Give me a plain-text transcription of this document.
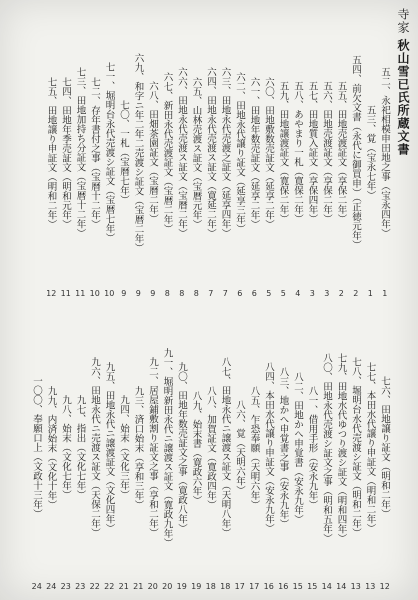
寺家 秋山雪已氏所蔵文書
五二、永祀相模申田地之事（宝永四年）
五三、覚（宝永七年）
五四、前欠文書（永代に御買申）（正徳元年）
五五、田地売渡証文（享保二年）
五六、田地売渡証文（享保二年）
五七、田地質入証文（享保四年）
五八、あやまり一札（寛保二年）
五九、田地譲渡証文（寛保二年）
六〇、田地敷数売証文（延享二年）
六一、田地年数売証文（延享二年）
六二、田地永代譲り証文（延享三年）
六三、田地永代売渡之証文（延享四年）
六四、田地永代売渡ス証文（寛延二年）
六五、山林売渡ス証文（宝暦元年）
六六、田地永代売渡ス証文（宝暦二年）
六七、新田永代売渡証文（宝暦二年）
六八、田畑茶園証文（宝暦二年）
六九、和字ニ年二年二売渡シ証文（宝暦二年）
七〇、一札（宝暦七年）
七一、堀明台永代売渡シ証文（宝暦七年）
七二、存年書付之事（宝暦十二年）
七三、田地加持ち分証文（宝暦十二年）
七四、田地年季売証文（明和元年）
七五、田地譲り申証文（明和二年）
1
1
2
2
3
3
4
5
5
6
6
7
7
8
8
8
9
9
9
10
10
11
11
12
七六、田地譲り証文（明和二年）
七七、本田水代譲り申証文（明和二年）
七八、堀明台水代売渡シ証文（明和二年）
七九、田地水代ゆつり渡シ証文（明和四年）
八〇、田地永代売渡シ証文之事（明和五年）
八一、借用手形（安永九年）
八二、田地かへ申覚書（安永九年）
八三、地かへ申覚書之事（安永九年）
八四、本田水代譲り申証文（安永九年）
八五、乍恐奉願（天明六年）
八六、覚（天明六年）
八七、田地永代ニ譲渡ス証文（天明八年）
八八、加賀証文（寛政四年）
八九、始末書（寛政六年）
九〇、田地年数売証文之事（寛政八年）
九一、堀明新田永代ニ譲渡ス証文（寛政九年）
九二、居屋鋪敷割り証文之事（享和二年）
九三、済口始末（享和三年）
九四、始末（文化三年）
九五、田地永代ニ譲渡証文（文化四年）
九六、田地永代ニ売渡ス証文（天保二年）
九七、指出（文化七年）
九八、始末（文化七年）
九九、内済始末（文化十年）
一〇〇、奉願口上（文政十三年）
12
13
13
14
14
15
15
16
16
17
17
18
18
19
19
20
20
21
21
22
22
23
23
24
24
